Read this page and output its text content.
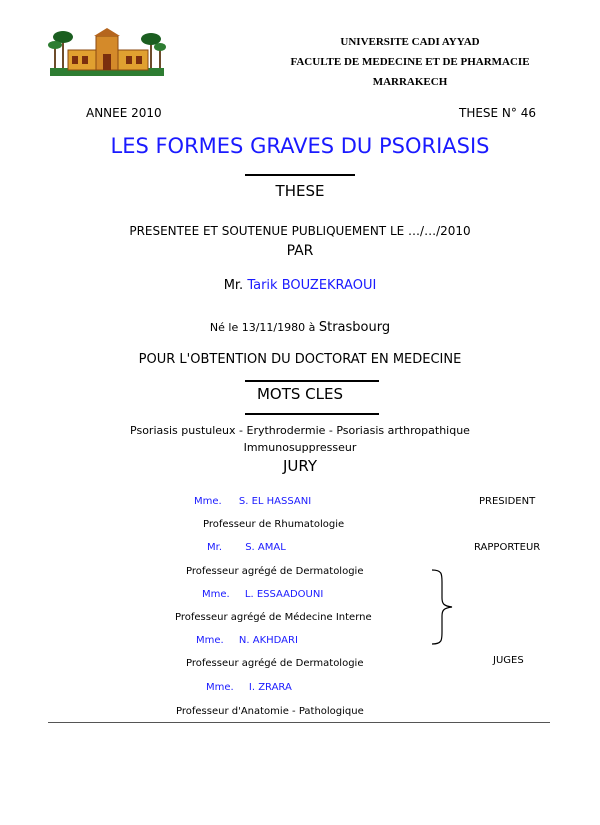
UNIVERSITE CADI AYYAD
FACULTE DE MEDECINE ET DE PHARMACIE
MARRAKECH
ANNEE 2010	THESE N° 46
LES FORMES GRAVES DU PSORIASIS
THESE
PRESENTEE ET SOUTENUE PUBLIQUEMENT LE …/…/2010
PAR
Mr. Tarik BOUZEKRAOUI
Né le 13/11/1980 à Strasbourg
POUR L'OBTENTION DU DOCTORAT EN MEDECINE
MOTS CLES
Psoriasis pustuleux - Erythrodermie - Psoriasis arthropathique
Immunosuppresseur
JURY
Mme. S. EL HASSANI
Professeur de Rhumatologie
Mr. S. AMAL
Professeur agrégé de Dermatologie
Mme. L. ESSAADOUNI
Professeur agrégé de Médecine Interne
Mme. N. AKHDARI
Professeur agrégé de Dermatologie
Mme. I. ZRARA
Professeur d'Anatomie - Pathologique
PRESIDENT
RAPPORTEUR
JUGES
